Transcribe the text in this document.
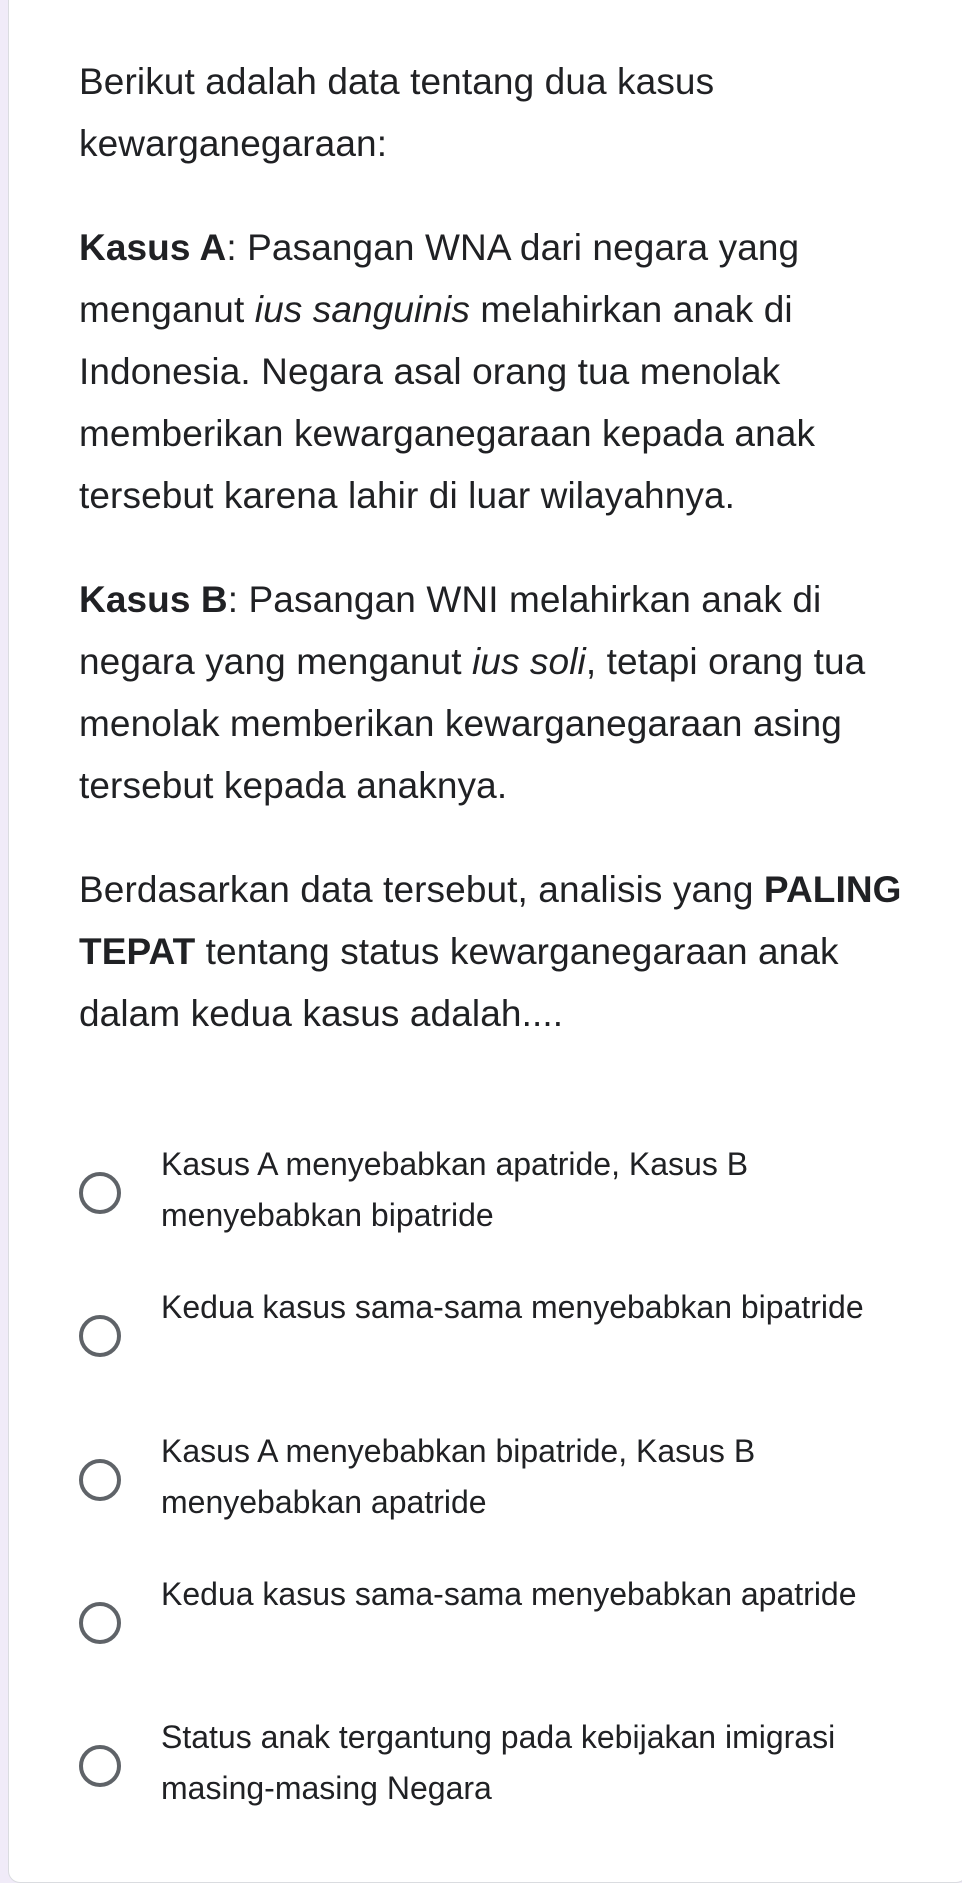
Berikut adalah data tentang dua kasus kewarganegaraan:

Kasus A: Pasangan WNA dari negara yang menganut ius sanguinis melahirkan anak di Indonesia. Negara asal orang tua menolak memberikan kewarganegaraan kepada anak tersebut karena lahir di luar wilayahnya.

Kasus B: Pasangan WNI melahirkan anak di negara yang menganut ius soli, tetapi orang tua menolak memberikan kewarganegaraan asing tersebut kepada anaknya.

Berdasarkan data tersebut, analisis yang PALING TEPAT tentang status kewarganegaraan anak dalam kedua kasus adalah....

Kasus A menyebabkan apatride, Kasus B menyebabkan bipatride
Kedua kasus sama-sama menyebabkan bipatride
Kasus A menyebabkan bipatride, Kasus B menyebabkan apatride
Kedua kasus sama-sama menyebabkan apatride
Status anak tergantung pada kebijakan imigrasi masing-masing Negara
